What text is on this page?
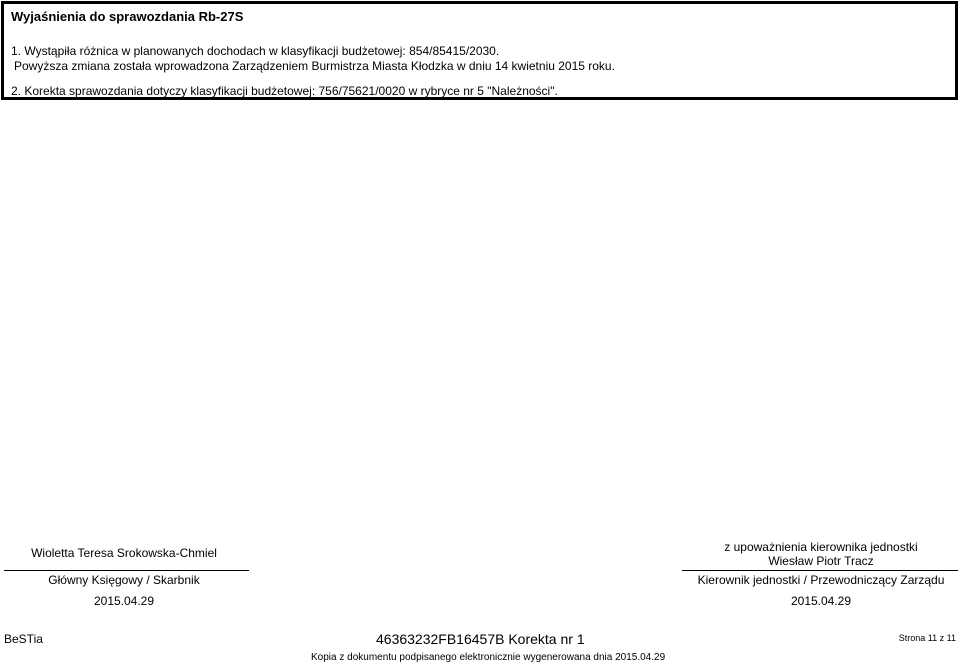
Wyjaśnienia do sprawozdania Rb-27S
1. Wystąpiła różnica w planowanych dochodach w klasyfikacji budżetowej: 854/85415/2030.
Powyższa zmiana została wprowadzona Zarządzeniem Burmistrza Miasta Kłodzka w dniu 14 kwietniu 2015 roku.
2. Korekta sprawozdania dotyczy klasyfikacji budżetowej: 756/75621/0020 w rybryce nr 5 "Należności".
Wioletta Teresa Srokowska-Chmiel
Główny Księgowy / Skarbnik
2015.04.29
z upoważnienia kierownika jednostki
Wiesław Piotr Tracz
Kierownik jednostki / Przewodniczący Zarządu
2015.04.29
BeSTia	46363232FB16457B Korekta nr 1	Strona 11 z 11
Kopia z dokumentu podpisanego elektronicznie wygenerowana dnia 2015.04.29
